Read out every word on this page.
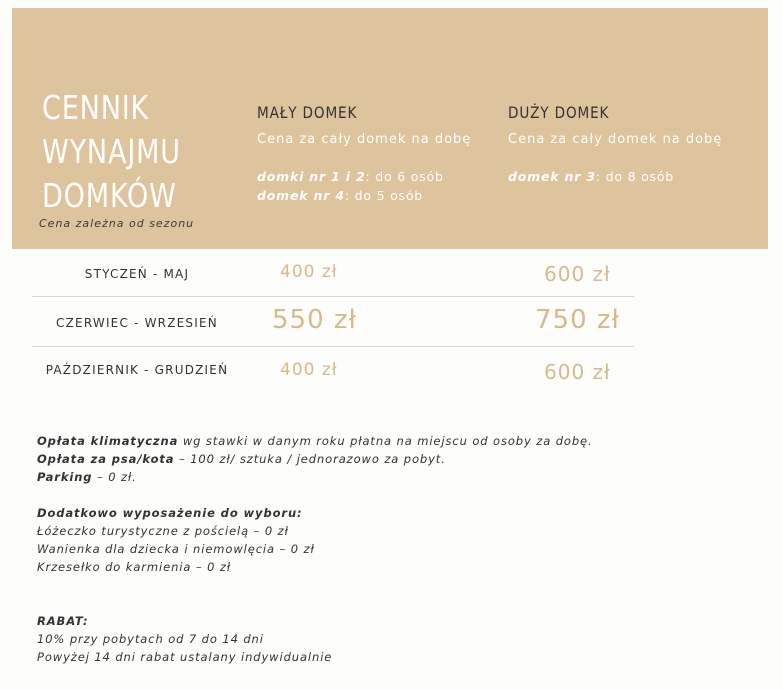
CENNIK
WYNAJMU
DOMKÓW
Cena zależna od sezonu
MAŁY DOMEK
Cena za cały domek na dobę
domki nr 1 i 2: do 6 osób
domek nr 4: do 5 osób
DUŻY DOMEK
Cena za cały domek na dobę
domek nr 3: do 8 osób
STYCZEŃ - MAJ	400 zł	600 zł
CZERWIEC - WRZESIEŃ	550 zł	750 zł
PAŹDZIERNIK - GRUDZIEŃ	400 zł	600 zł
Opłata klimatyczna wg stawki w danym roku płatna na miejscu od osoby za dobę.
Opłata za psa/kota – 100 zł/ sztuka / jednorazowo za pobyt.
Parking – 0 zł.
Dodatkowo wyposażenie do wyboru:
Łóżeczko turystyczne z pościelą – 0 zł
Wanienka dla dziecka i niemowlęcia – 0 zł
Krzesełko do karmienia – 0 zł
RABAT:
10% przy pobytach od 7 do 14 dni
Powyżej 14 dni rabat ustalany indywidualnie
